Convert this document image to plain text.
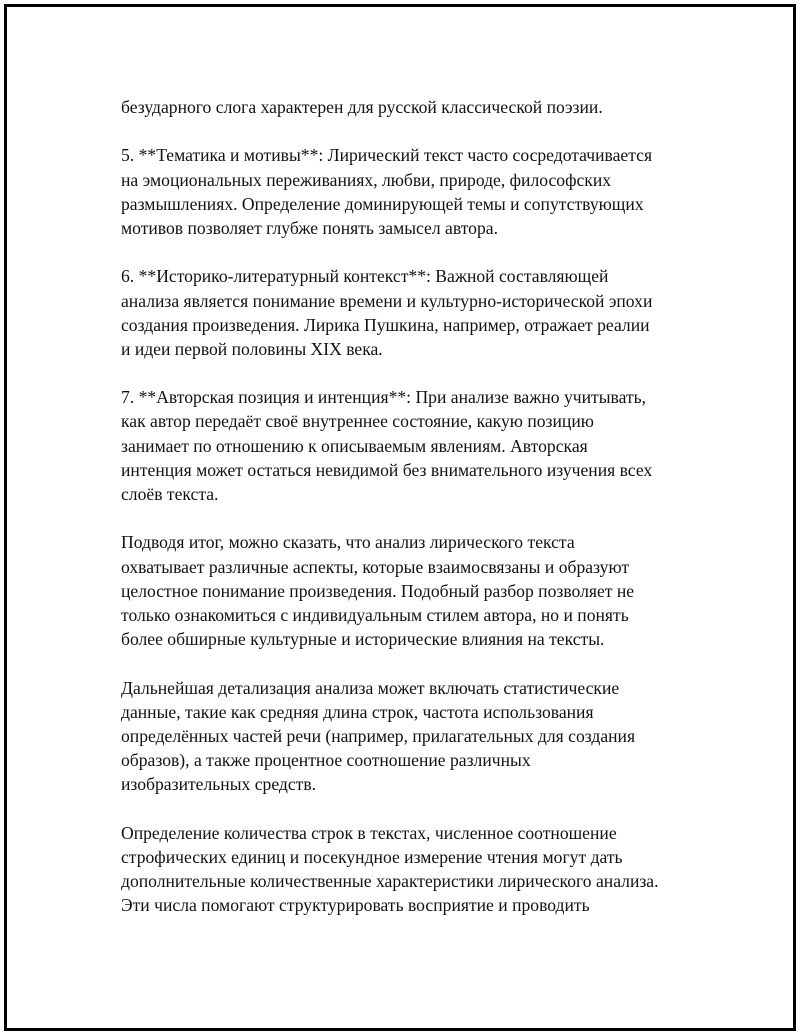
безударного слога характерен для русской классической поэзии.
5. **Тематика и мотивы**: Лирический текст часто сосредотачивается
на эмоциональных переживаниях, любви, природе, философских
размышлениях. Определение доминирующей темы и сопутствующих
мотивов позволяет глубже понять замысел автора.
6. **Историко-литературный контекст**: Важной составляющей
анализа является понимание времени и культурно-исторической эпохи
создания произведения. Лирика Пушкина, например, отражает реалии
и идеи первой половины XIX века.
7. **Авторская позиция и интенция**: При анализе важно учитывать,
как автор передаёт своё внутреннее состояние, какую позицию
занимает по отношению к описываемым явлениям. Авторская
интенция может остаться невидимой без внимательного изучения всех
слоёв текста.
Подводя итог, можно сказать, что анализ лирического текста
охватывает различные аспекты, которые взаимосвязаны и образуют
целостное понимание произведения. Подобный разбор позволяет не
только ознакомиться с индивидуальным стилем автора, но и понять
более обширные культурные и исторические влияния на тексты.
Дальнейшая детализация анализа может включать статистические
данные, такие как средняя длина строк, частота использования
определённых частей речи (например, прилагательных для создания
образов), а также процентное соотношение различных
изобразительных средств.
Определение количества строк в текстах, численное соотношение
строфических единиц и посекундное измерение чтения могут дать
дополнительные количественные характеристики лирического анализа.
Эти числа помогают структурировать восприятие и проводить
